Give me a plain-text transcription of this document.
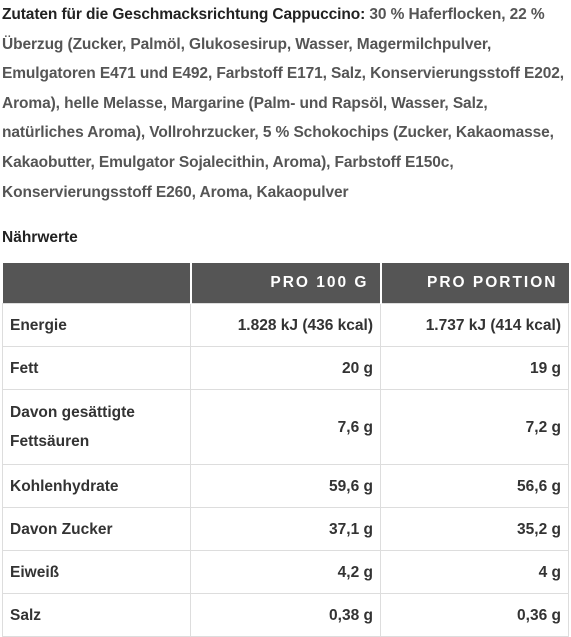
Zutaten für die Geschmacksrichtung Cappuccino: 30 % Haferflocken, 22 % Überzug (Zucker, Palmöl, Glukosesirup, Wasser, Magermilchpulver, Emulgatoren E471 und E492, Farbstoff E171, Salz, Konservierungsstoff E202, Aroma), helle Melasse, Margarine (Palm- und Rapsöl, Wasser, Salz, natürliches Aroma), Vollrohrzucker, 5 % Schokochips (Zucker, Kakaomasse, Kakaobutter, Emulgator Sojalecithin, Aroma), Farbstoff E150c, Konservierungsstoff E260, Aroma, Kakaopulver
Nährwerte
	PRO 100 G	PRO PORTION
Energie	1.828 kJ (436 kcal)	1.737 kJ (414 kcal)
Fett	20 g	19 g
Davon gesättigte Fettsäuren	7,6 g	7,2 g
Kohlenhydrate	59,6 g	56,6 g
Davon Zucker	37,1 g	35,2 g
Eiweiß	4,2 g	4 g
Salz	0,38 g	0,36 g
